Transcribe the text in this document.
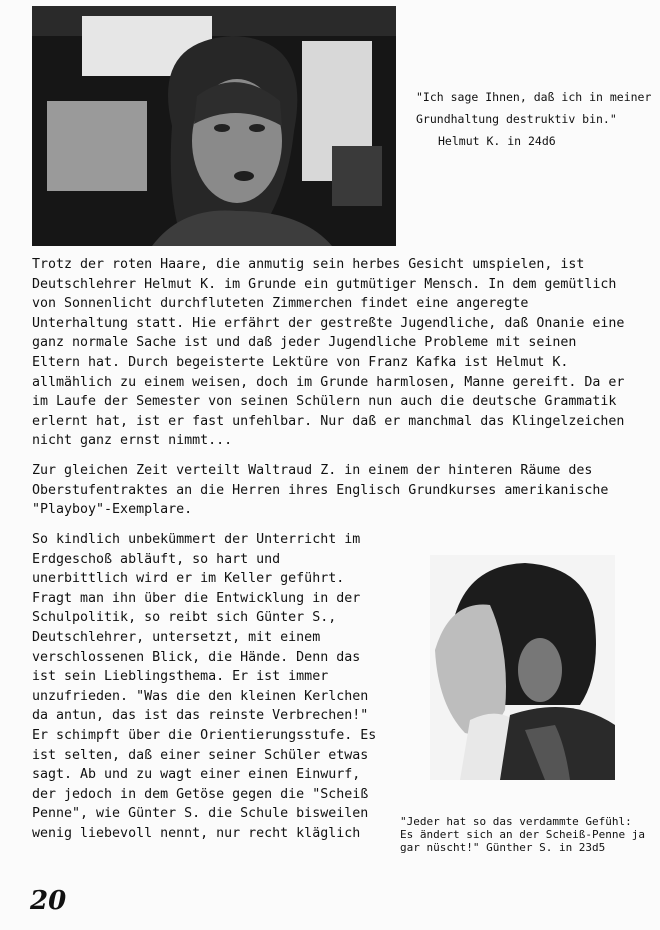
"Ich sage Ihnen, daß ich in meiner Grundhaltung destruktiv bin."
Helmut K. in 24d6

Trotz der roten Haare, die anmutig sein herbes Gesicht umspielen, ist Deutschlehrer Helmut K. im Grunde ein gutmütiger Mensch. In dem gemütlich von Sonnenlicht durchfluteten Zimmerchen findet eine angeregte Unterhaltung statt. Hie erfährt der gestreßte Jugendliche, daß Onanie eine ganz normale Sache ist und daß jeder Jugendliche Probleme mit seinen Eltern hat. Durch begeisterte Lektüre von Franz Kafka ist Helmut K. allmählich zu einem weisen, doch im Grunde harmlosen, Manne gereift. Da er im Laufe der Semester von seinen Schülern nun auch die deutsche Grammatik erlernt hat, ist er fast unfehlbar. Nur daß er manchmal das Klingelzeichen nicht ganz ernst nimmt...

Zur gleichen Zeit verteilt Waltraud Z. in einem der hinteren Räume des Oberstufentraktes an die Herren ihres Englisch Grundkurses amerikanische "Playboy"-Exemplare.

So kindlich unbekümmert der Unterricht im Erdgeschoß abläuft, so hart und unerbittlich wird er im Keller geführt. Fragt man ihn über die Entwicklung in der Schulpolitik, so reibt sich Günter S., Deutschlehrer, untersetzt, mit einem verschlossenen Blick, die Hände. Denn das ist sein Lieblingsthema. Er ist immer unzufrieden. "Was die den kleinen Kerlchen da antun, das ist das reinste Verbrechen!" Er schimpft über die Orientierungsstufe. Es ist selten, daß einer seiner Schüler etwas sagt. Ab und zu wagt einer einen Einwurf, der jedoch in dem Getöse gegen die "Scheiß Penne", wie Günter S. die Schule bisweilen wenig liebevoll nennt, nur recht kläglich

"Jeder hat so das verdammte Gefühl: Es ändert sich an der Scheiß-Penne ja gar nüscht!" Günther S. in 23d5
20
